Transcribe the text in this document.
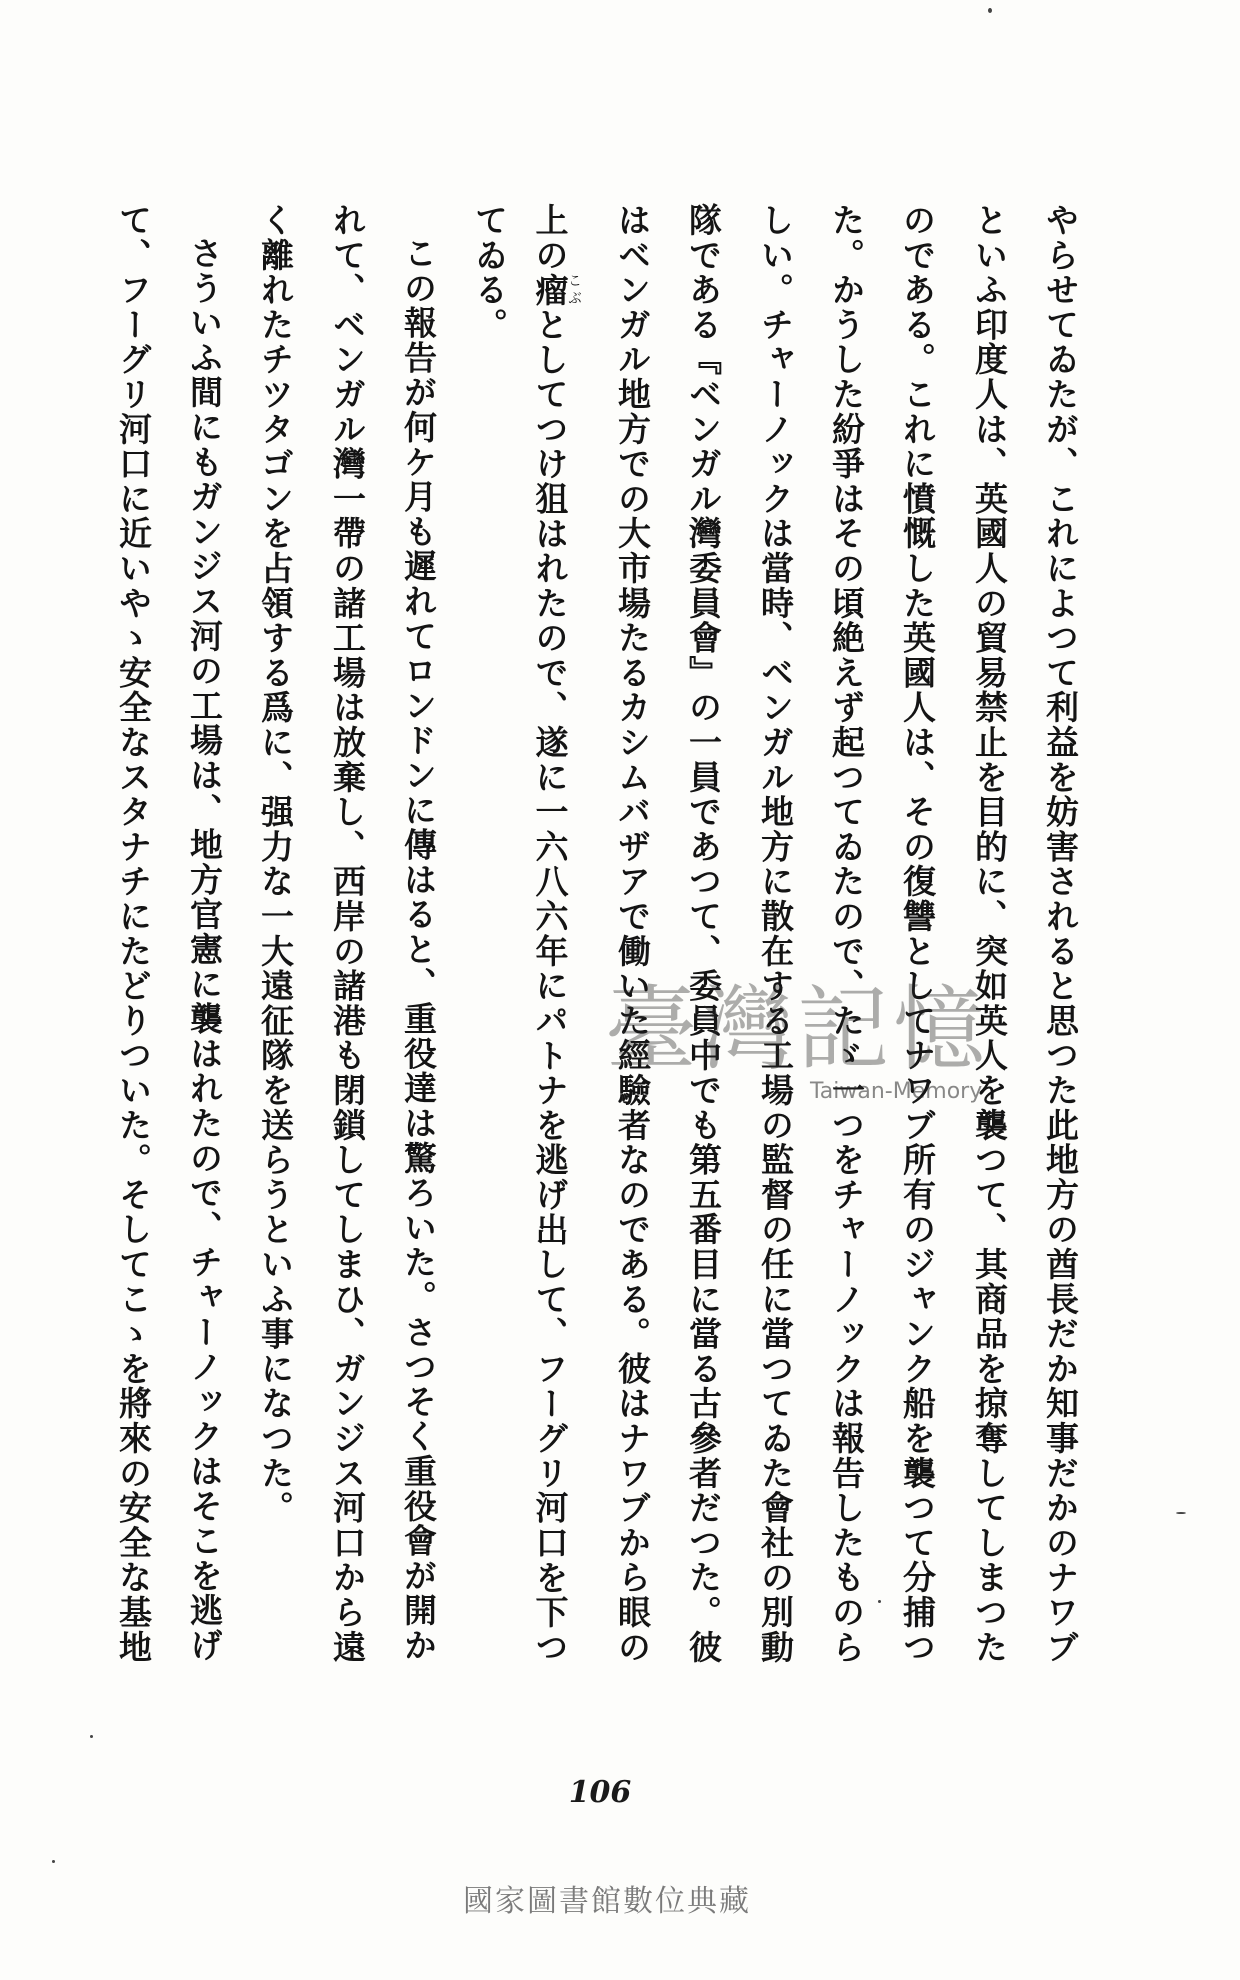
やらせてゐたが、これによつて利益を妨害されると思つた此地方の酋長だか知事だかのナワブ
といふ印度人は、英國人の貿易禁止を目的に、突如英人を襲つて、其商品を掠奪してしまつた
のである。これに憤慨した英國人は、その復讐としてナワブ所有のジャンク船を襲つて分捕つ
た。かうした紛爭はその頃絶えず起つてゐたので、たゞ一つをチャーノックは報告したものら
しい。チャーノックは當時、ベンガル地方に散在する工場の監督の任に當つてゐた會社の別動
隊である『ベンガル灣委員會』の一員であつて、委員中でも第五番目に當る古參者だつた。彼
はベンガル地方での大市場たるカシムバザアで働いた經驗者なのである。彼はナワブから眼の
上の瘤こぶとしてつけ狙はれたので、遂に一六八六年にパトナを逃げ出して、フーグリ河口を下つ
てゐる。
この報告が何ケ月も遲れてロンドンに傳はると、重役達は驚ろいた。さつそく重役會が開か
れて、ベンガル灣一帶の諸工場は放棄し、西岸の諸港も閉鎖してしまひ、ガンジス河口から遠
く離れたチツタゴンを占領する爲に、强力な一大遠征隊を送らうといふ事になつた。
さういふ間にもガンジス河の工場は、地方官憲に襲はれたので、チャーノックはそこを逃げ
て、フーグリ河口に近いやゝ安全なスタナチにたどりついた。そしてこゝを將來の安全な基地	臺灣記憶
Taiwan-Memory
106
國家圖書館數位典藏
